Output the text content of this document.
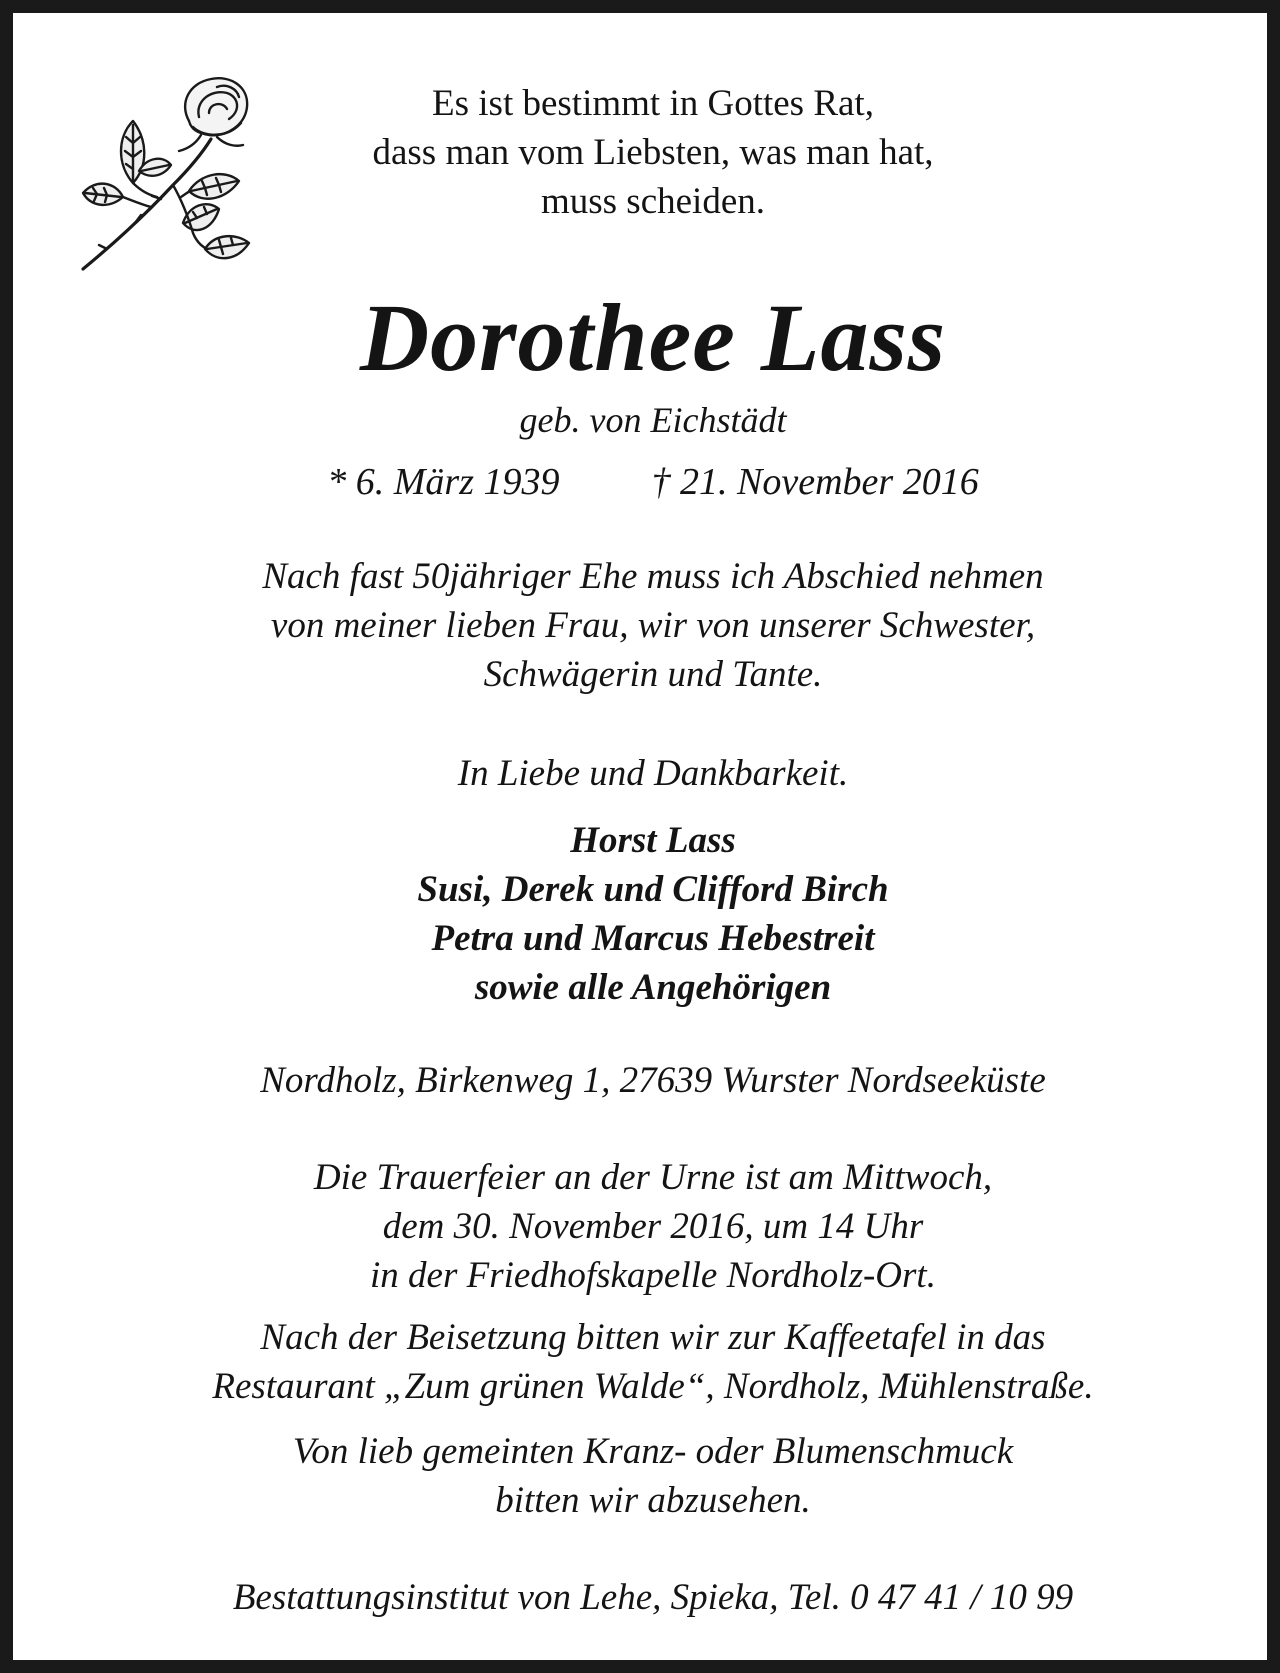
Es ist bestimmt in Gottes Rat,
dass man vom Liebsten, was man hat,
muss scheiden.
Dorothee Lass
geb. von Eichstädt
* 6. März 1939 † 21. November 2016
Nach fast 50jähriger Ehe muss ich Abschied nehmen
von meiner lieben Frau, wir von unserer Schwester,
Schwägerin und Tante.
In Liebe und Dankbarkeit.
Horst Lass
Susi, Derek und Clifford Birch
Petra und Marcus Hebestreit
sowie alle Angehörigen
Nordholz, Birkenweg 1, 27639 Wurster Nordseeküste
Die Trauerfeier an der Urne ist am Mittwoch,
dem 30. November 2016, um 14 Uhr
in der Friedhofskapelle Nordholz-Ort.
Nach der Beisetzung bitten wir zur Kaffeetafel in das
Restaurant „Zum grünen Walde“, Nordholz, Mühlenstraße.
Von lieb gemeinten Kranz- oder Blumenschmuck
bitten wir abzusehen.
Bestattungsinstitut von Lehe, Spieka, Tel. 0 47 41 / 10 99
